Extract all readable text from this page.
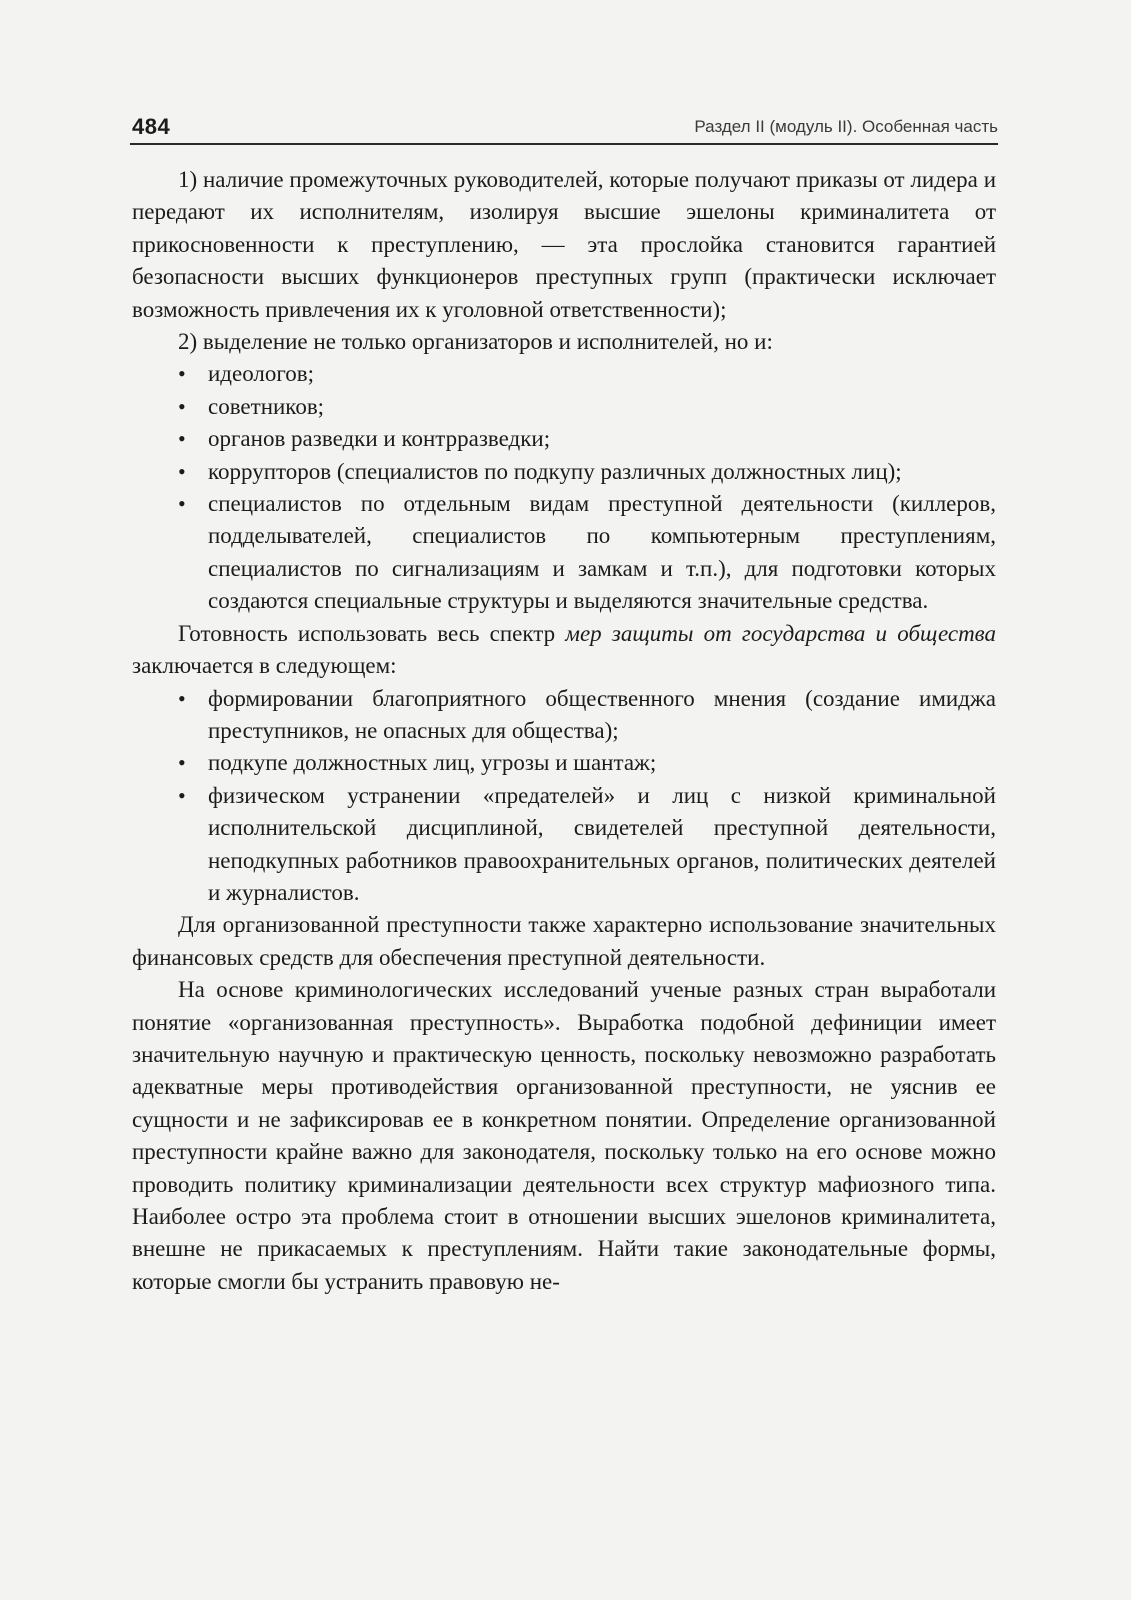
484	Раздел II (модуль II). Особенная часть

1) наличие промежуточных руководителей, которые получают приказы от лидера и передают их исполнителям, изолируя высшие эшелоны криминалитета от прикосновенности к преступлению, — эта прослойка становится гарантией безопасности высших функционеров преступных групп (практически исключает возможность привлечения их к уголовной ответственности);

2) выделение не только организаторов и исполнителей, но и:

• идеологов;
• советников;
• органов разведки и контрразведки;
• коррупторов (специалистов по подкупу различных должностных лиц);
• специалистов по отдельным видам преступной деятельности (киллеров, подделывателей, специалистов по компьютерным преступлениям, специалистов по сигнализациям и замкам и т.п.), для подготовки которых создаются специальные структуры и выделяются значительные средства.

Готовность использовать весь спектр мер защиты от государства и общества заключается в следующем:

• формировании благоприятного общественного мнения (создание имиджа преступников, не опасных для общества);
• подкупе должностных лиц, угрозы и шантаж;
• физическом устранении «предателей» и лиц с низкой криминальной исполнительской дисциплиной, свидетелей преступной деятельности, неподкупных работников правоохранительных органов, политических деятелей и журналистов.

Для организованной преступности также характерно использование значительных финансовых средств для обеспечения преступной деятельности.

На основе криминологических исследований ученые разных стран выработали понятие «организованная преступность». Выработка подобной дефиниции имеет значительную научную и практическую ценность, поскольку невозможно разработать адекватные меры противодействия организованной преступности, не уяснив ее сущности и не зафиксировав ее в конкретном понятии. Определение организованной преступности крайне важно для законодателя, поскольку только на его основе можно проводить политику криминализации деятельности всех структур мафиозного типа. Наиболее остро эта проблема стоит в отношении высших эшелонов криминалитета, внешне не прикасаемых к преступлениям. Найти такие законодательные формы, которые смогли бы устранить правовую не-
